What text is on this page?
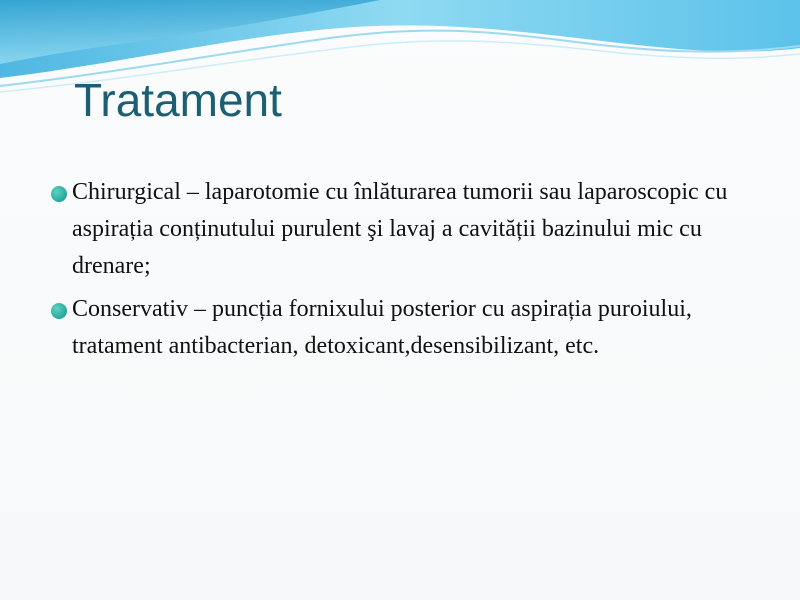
Tratament
Chirurgical – laparotomie cu înlăturarea tumorii sau laparoscopic cu aspirația conținutului purulent şi lavaj a cavității bazinului mic cu drenare;
Conservativ – puncția fornixului posterior cu aspirația puroiului, tratament antibacterian, detoxicant,desensibilizant, etc.
